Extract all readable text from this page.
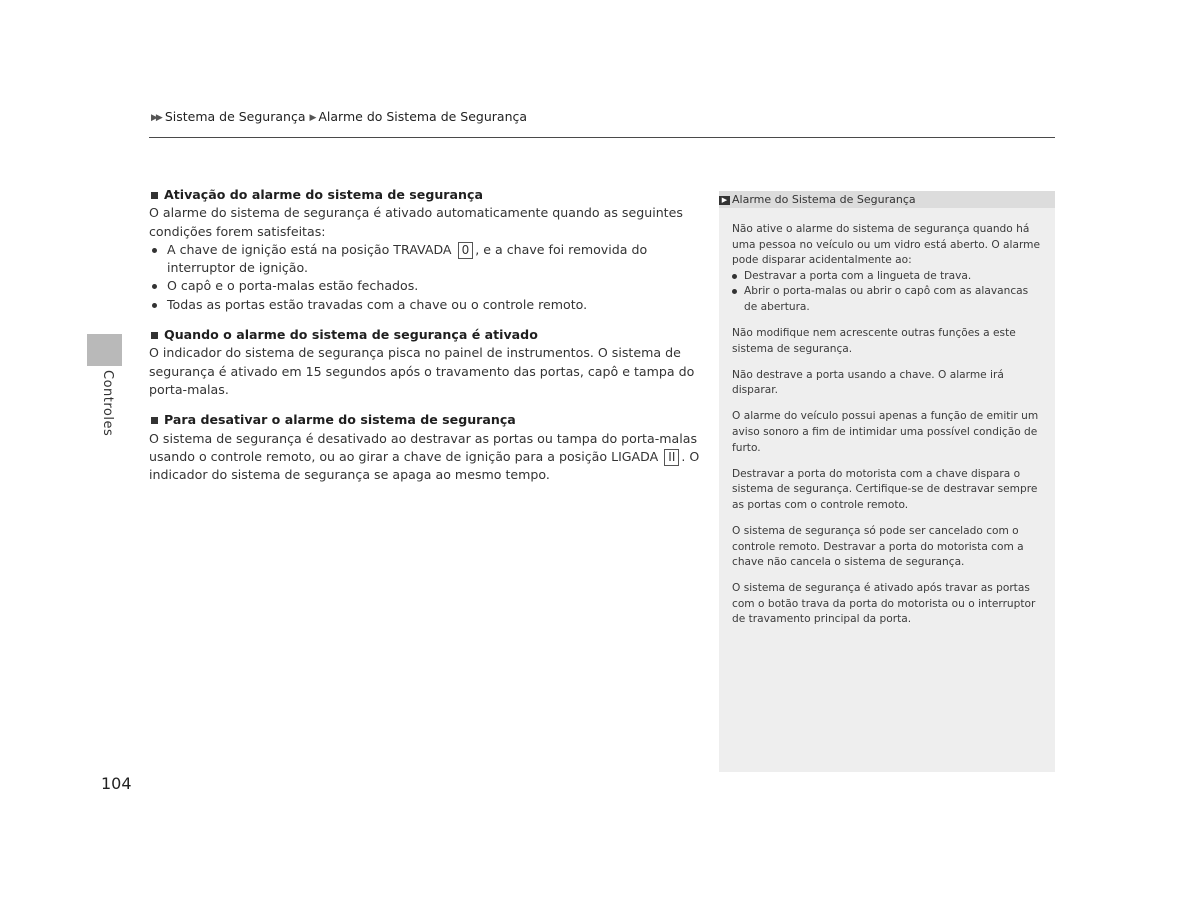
▶▶ Sistema de Segurança ▶ Alarme do Sistema de Segurança
Controles
104
Ativação do alarme do sistema de segurança

O alarme do sistema de segurança é ativado automaticamente quando as seguintes condições forem satisfeitas:

A chave de ignição está na posição TRAVADA 0 , e a chave foi removida do interruptor de ignição.
O capô e o porta-malas estão fechados.
Todas as portas estão travadas com a chave ou o controle remoto.
Quando o alarme do sistema de segurança é ativado

O indicador do sistema de segurança pisca no painel de instrumentos. O sistema de segurança é ativado em 15 segundos após o travamento das portas, capô e tampa do porta-malas.

Para desativar o alarme do sistema de segurança

O sistema de segurança é desativado ao destravar as portas ou tampa do porta-malas usando o controle remoto, ou ao girar a chave de ignição para a posição LIGADA II . O indicador do sistema de segurança se apaga ao mesmo tempo.

▶ Alarme do Sistema de Segurança

Não ative o alarme do sistema de segurança quando há uma pessoa no veículo ou um vidro está aberto. O alarme pode disparar acidentalmente ao:

Destravar a porta com a lingueta de trava.
Abrir o porta-malas ou abrir o capô com as alavancas de abertura.

Não modifique nem acrescente outras funções a este sistema de segurança.

Não destrave a porta usando a chave. O alarme irá disparar.

O alarme do veículo possui apenas a função de emitir um aviso sonoro a fim de intimidar uma possível condição de furto.

Destravar a porta do motorista com a chave dispara o sistema de segurança. Certifique-se de destravar sempre as portas com o controle remoto.

O sistema de segurança só pode ser cancelado com o controle remoto. Destravar a porta do motorista com a chave não cancela o sistema de segurança.

O sistema de segurança é ativado após travar as portas com o botão trava da porta do motorista ou o interruptor de travamento principal da porta.
